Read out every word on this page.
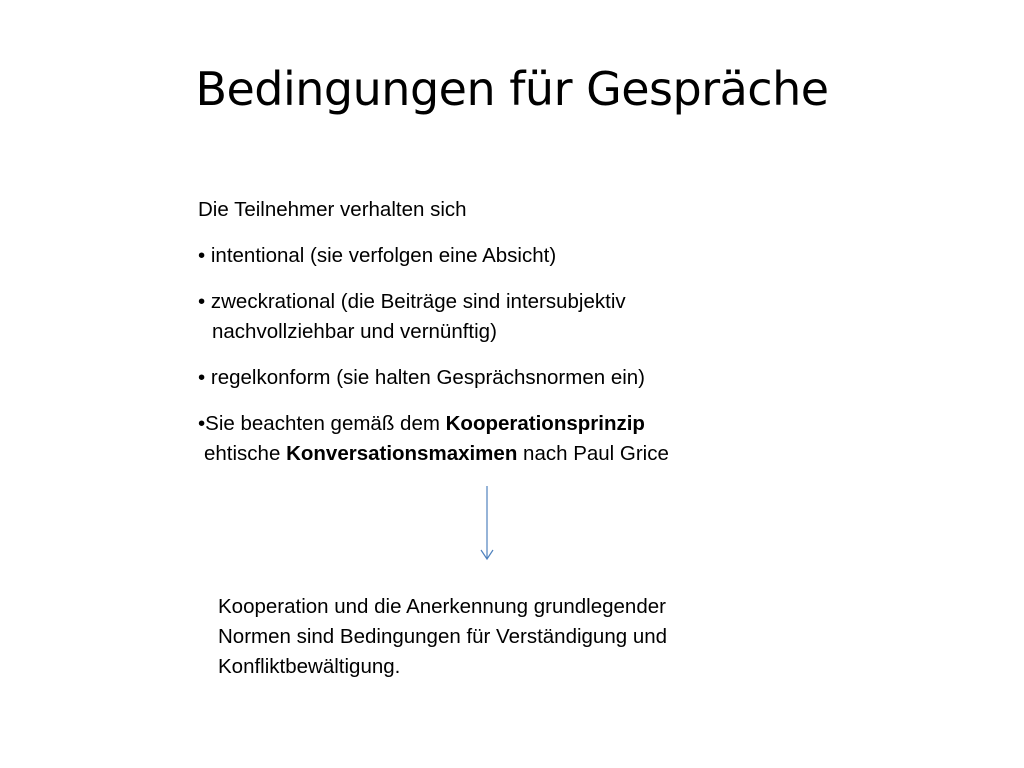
Bedingungen für Gespräche

Die Teilnehmer verhalten sich

• intentional (sie verfolgen eine Absicht)

• zweckrational (die Beiträge sind intersubjektiv
nachvollziehbar und vernünftig)

• regelkonform (sie halten Gesprächsnormen ein)

•Sie beachten gemäß dem Kooperationsprinzip
ehtische Konversationsmaximen nach Paul Grice

Kooperation und die Anerkennung grundlegender
Normen sind Bedingungen für Verständigung und
Konfliktbewältigung.
